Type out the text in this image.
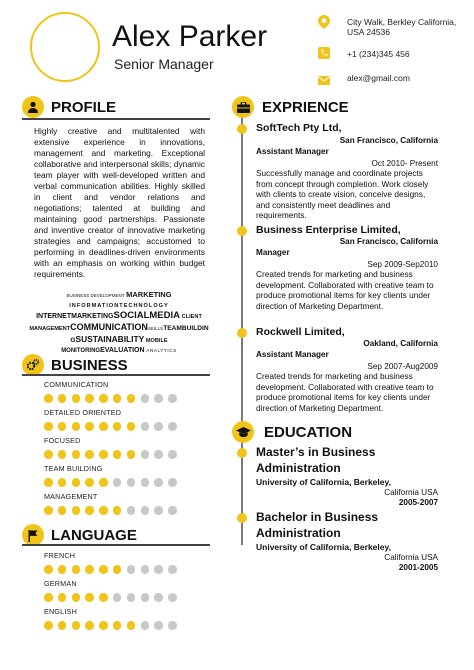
Alex Parker
Senior Manager
City Walk, Berkley California, USA 24536
+1 (234)345 456
alex@gmail.com
PROFILE
Highly creative and multitalented with extensive experience in innovations, management and marketing. Exceptional collaborative and interpersonal skills; dynamic team player with well-developed written and verbal communication abilities. Highly skilled in client and vendor relations and negotiations; talented at building and maintaining good partnerships. Passionate and inventive creator of innovative marketing strategies and campaigns; accustomed to performing in deadlines-driven environments with an emphasis on working within budget requirements.
BUSINESS DEVELOPMENT MARKETING
INFORMATIONTECHNOLOGY
INTERNETMARKETINGSOCIALMEDIA CLIENT
MANAGEMENTCOMMUNICATIONSKILLSTEAMBUILDIN
GSUSTAINABILITY MOBILE
MONITORINGEVALUATION ANALYTICS
BUSINESS
COMMUNICATION
DETAILED ORIENTED
FOCUSED
TEAM BUILDING
MANAGEMENT
LANGUAGE
FRENCH
GERMAN
ENGLISH
EXPRIENCE
SoftTech Pty Ltd,
San Francisco, California
Assistant Manager
Oct 2010- Present
Successfully manage and coordinate projects from concept through completion. Work closely with clients to create vision, conceive designs, and consistently meet deadlines and requirements.
Business Enterprise Limited,
San Francisco, California
Manager
Sep 2009-Sep2010
Created trends for marketing and business development. Collaborated with creative team to produce promotional items for key clients under direction of Marketing Department.
Rockwell Limited,
Oakland, California
Assistant Manager
Sep 2007-Aug2009
Created trends for marketing and business development. Collaborated with creative team to produce promotional items for key clients under direction of Marketing Department.
EDUCATION
Master’s in Business Administration
University of California, Berkeley,
California USA
2005-2007
Bachelor in Business Administration
University of California, Berkeley,
California USA
2001-2005
